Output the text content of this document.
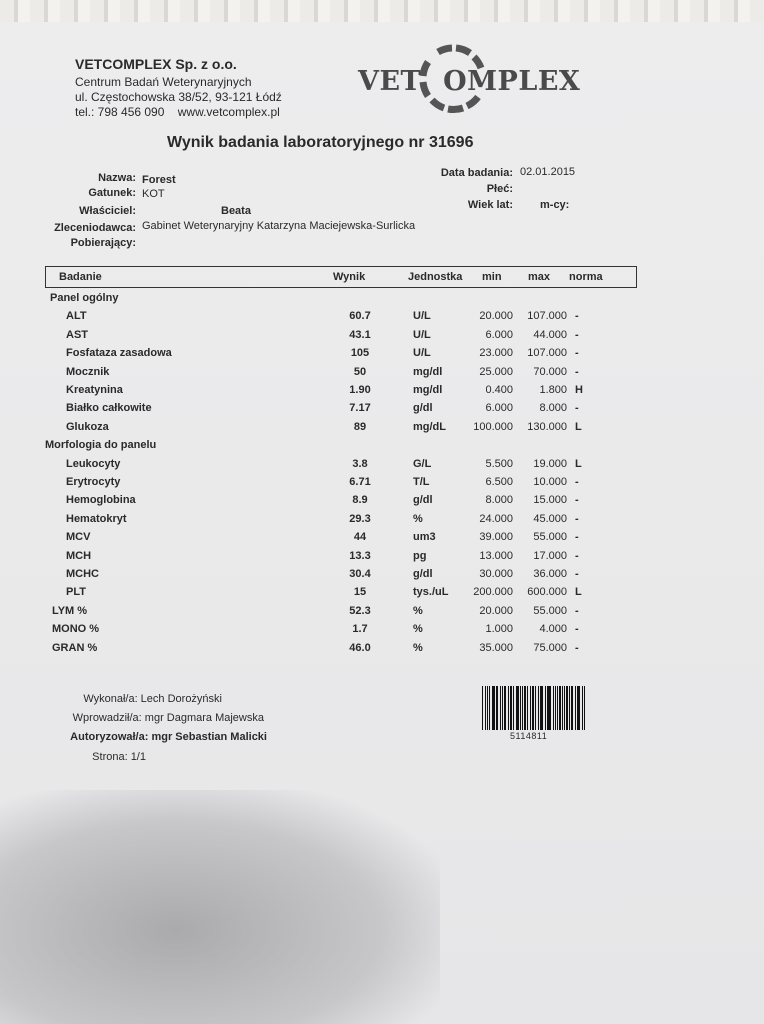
VETCOMPLEX Sp. z o.o.
Centrum Badań Weterynaryjnych
ul. Częstochowska 38/52, 93-121 Łódź
tel.: 798 456 090    www.vetcomplex.pl
VET OMPLEX
Wynik badania laboratoryjnego nr 31696
Nazwa: Forest
Gatunek: KOT
Właściciel:	Beata
Zleceniodawca: Gabinet Weterynaryjny Katarzyna Maciejewska-Surlicka
Pobierający:
Data badania: 02.01.2015
Płeć:
Wiek lat: m-cy:
Badanie	Wynik	Jednostka min max norma
Panel ogólny
ALT	60.7	U/L	20.000	107.000 -
AST	43.1	U/L	6.000	44.000 -
Fosfataza zasadowa	105	U/L	23.000	107.000 -
Mocznik	50	mg/dl	25.000	70.000 -
Kreatynina	1.90	mg/dl	0.400	1.800 H
Białko całkowite	7.17	g/dl	6.000	8.000 -
Glukoza	89	mg/dL	100.000	130.000 L
Morfologia do panelu
Leukocyty	3.8	G/L	5.500	19.000 L
Erytrocyty	6.71	T/L	6.500	10.000 -
Hemoglobina	8.9	g/dl	8.000	15.000 -
Hematokryt	29.3	%	24.000	45.000 -
MCV	44	um3	39.000	55.000 -
MCH	13.3	pg	13.000	17.000 -
MCHC	30.4	g/dl	30.000	36.000 -
PLT	15	tys./uL	200.000	600.000 L
LYM %	52.3	%	20.000	55.000 -
MONO %	1.7	%	1.000	4.000 -
GRAN %	46.0	%	35.000	75.000 -
Wykonał/a: Lech Dorożyński
Wprowadził/a: mgr Dagmara Majewska
Autoryzował/a: mgr Sebastian Malicki
Strona: 1/1
5114811
